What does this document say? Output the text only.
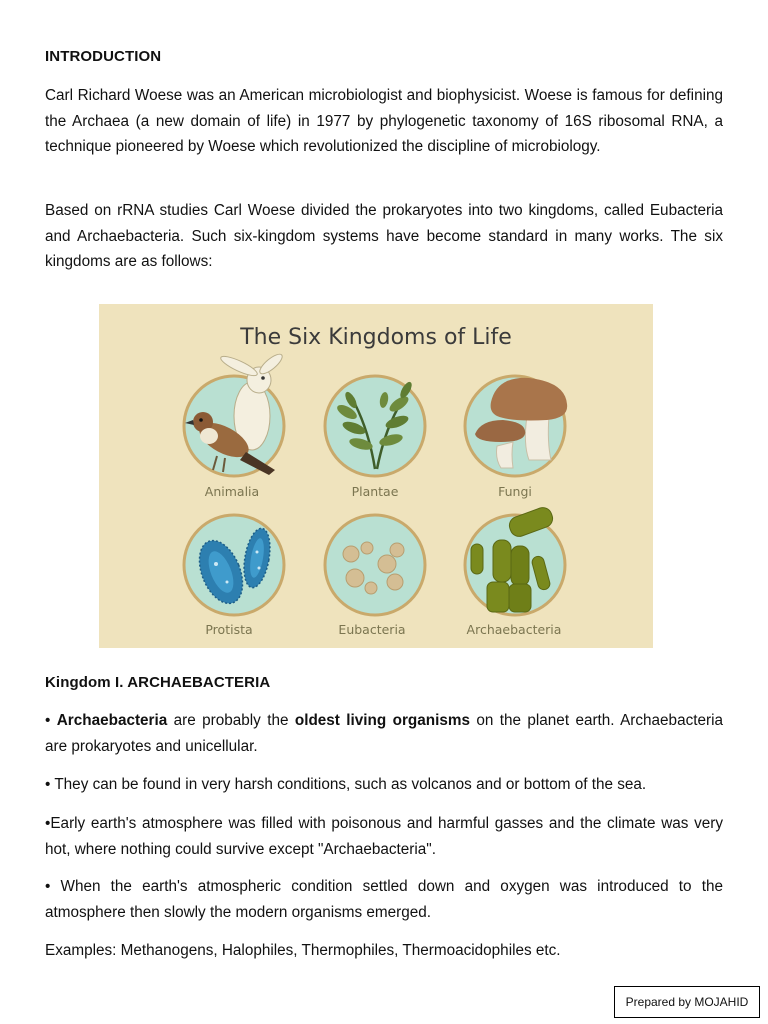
INTRODUCTION

Carl Richard Woese was an American microbiologist and biophysicist. Woese is famous for defining the Archaea (a new domain of life) in 1977 by phylogenetic taxonomy of 16S ribosomal RNA, a technique pioneered by Woese which revolutionized the discipline of microbiology.

Based on rRNA studies Carl Woese divided the prokaryotes into two kingdoms, called Eubacteria and Archaebacteria. Such six-kingdom systems have become standard in many works. The six kingdoms are as follows:

The Six Kingdoms of Life
Animalia	Plantae	Fungi
Protista	Eubacteria	Archaebacteria
Kingdom I. ARCHAEBACTERIA

• Archaebacteria are probably the oldest living organisms on the planet earth. Archaebacteria are prokaryotes and unicellular.

• They can be found in very harsh conditions, such as volcanos and or bottom of the sea.

•Early earth's atmosphere was filled with poisonous and harmful gasses and the climate was very hot, where nothing could survive except "Archaebacteria".

• When the earth's atmospheric condition settled down and oxygen was introduced to the atmosphere then slowly the modern organisms emerged.

Examples: Methanogens, Halophiles, Thermophiles, Thermoacidophiles etc.

Prepared by MOJAHID
